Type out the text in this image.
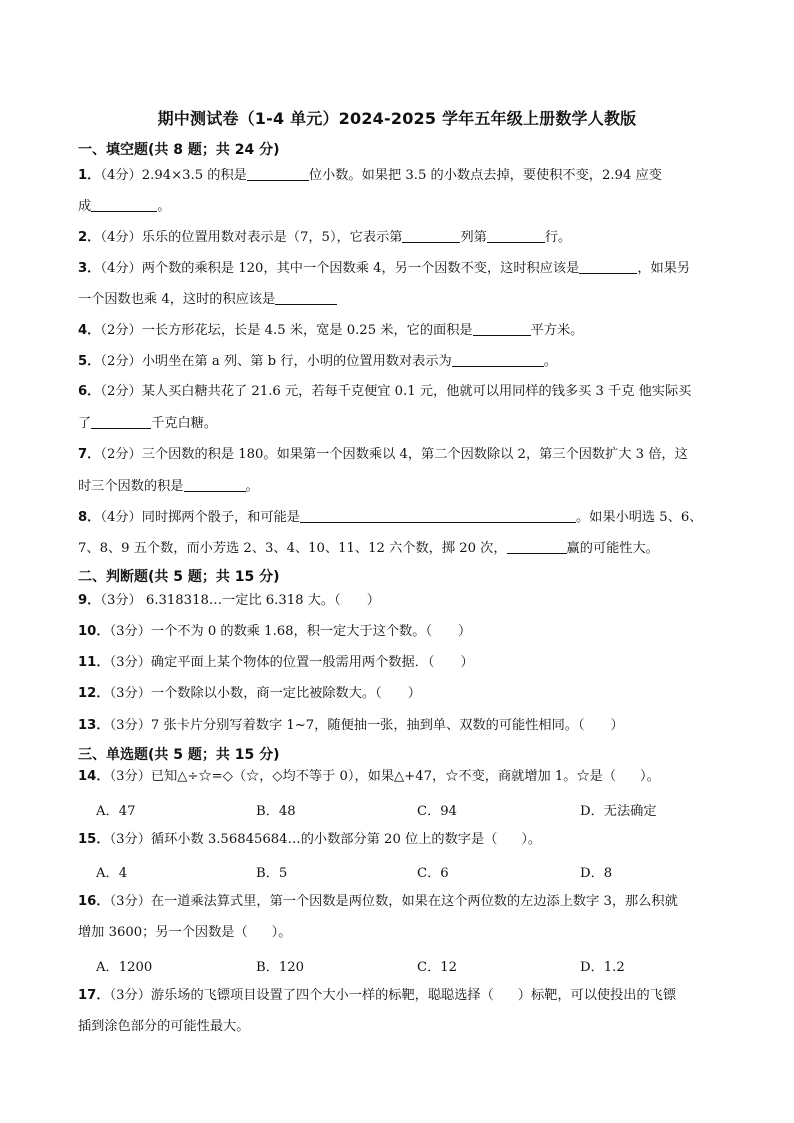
期中测试卷（1-4 单元）2024-2025 学年五年级上册数学人教版
一、填空题(共 8 题；共 24 分)
1．（4分）2.94×3.5 的积是	位小数。如果把 3.5 的小数点去掉，要使积不变，2.94 应变
成	。
2．（4分）乐乐的位置用数对表示是（7，5），它表示第	列第	行。
3．（4分）两个数的乘积是 120，其中一个因数乘 4，另一个因数不变，这时积应该是	，如果另
一个因数也乘 4，这时的积应该是
4．（2分）一长方形花坛，长是 4.5 米，宽是 0.25 米，它的面积是	平方米。
5．（2分）小明坐在第 a 列、第 b 行，小明的位置用数对表示为	。
6．（2分）某人买白糖共花了 21.6 元，若每千克便宜 0.1 元，他就可以用同样的钱多买 3 千克 他实际买
了	千克白糖。
7．（2分）三个因数的积是 180。如果第一个因数乘以 4，第二个因数除以 2，第三个因数扩大 3 倍，这
时三个因数的积是	。
8．（4分）同时掷两个骰子，和可能是	。如果小明选 5、6、
7、8、9 五个数，而小芳选 2、3、4、10、11、12 六个数，掷 20 次，	赢的可能性大。
二、判断题(共 5 题；共 15 分)
9．（3分） 6.318318…一定比 6.318 大。（ ）
10．（3分）一个不为 0 的数乘 1.68，积一定大于这个数。（ ）
11．（3分）确定平面上某个物体的位置一般需用两个数据．（ ）
12．（3分）一个数除以小数，商一定比被除数大。（ ）
13．（3分）7 张卡片分别写着数字 1~7，随便抽一张，抽到单、双数的可能性相同。（ ）
三、单选题(共 5 题；共 15 分)
14．（3分）已知△÷☆=◇（☆，◇均不等于 0），如果△+47，☆不变，商就增加 1。☆是（ ）。
A．47	B．48	C．94	D．无法确定
15．（3分）循环小数 3.56845684…的小数部分第 20 位上的数字是（ ）。
A．4	B．5	C．6	D．8
16．（3分）在一道乘法算式里，第一个因数是两位数，如果在这个两位数的左边添上数字 3，那么积就
增加 3600；另一个因数是（ ）。
A．1200	B．120	C．12	D．1.2
17．（3分）游乐场的飞镖项目设置了四个大小一样的标靶，聪聪选择（ ）标靶，可以使投出的飞镖
插到涂色部分的可能性最大。
